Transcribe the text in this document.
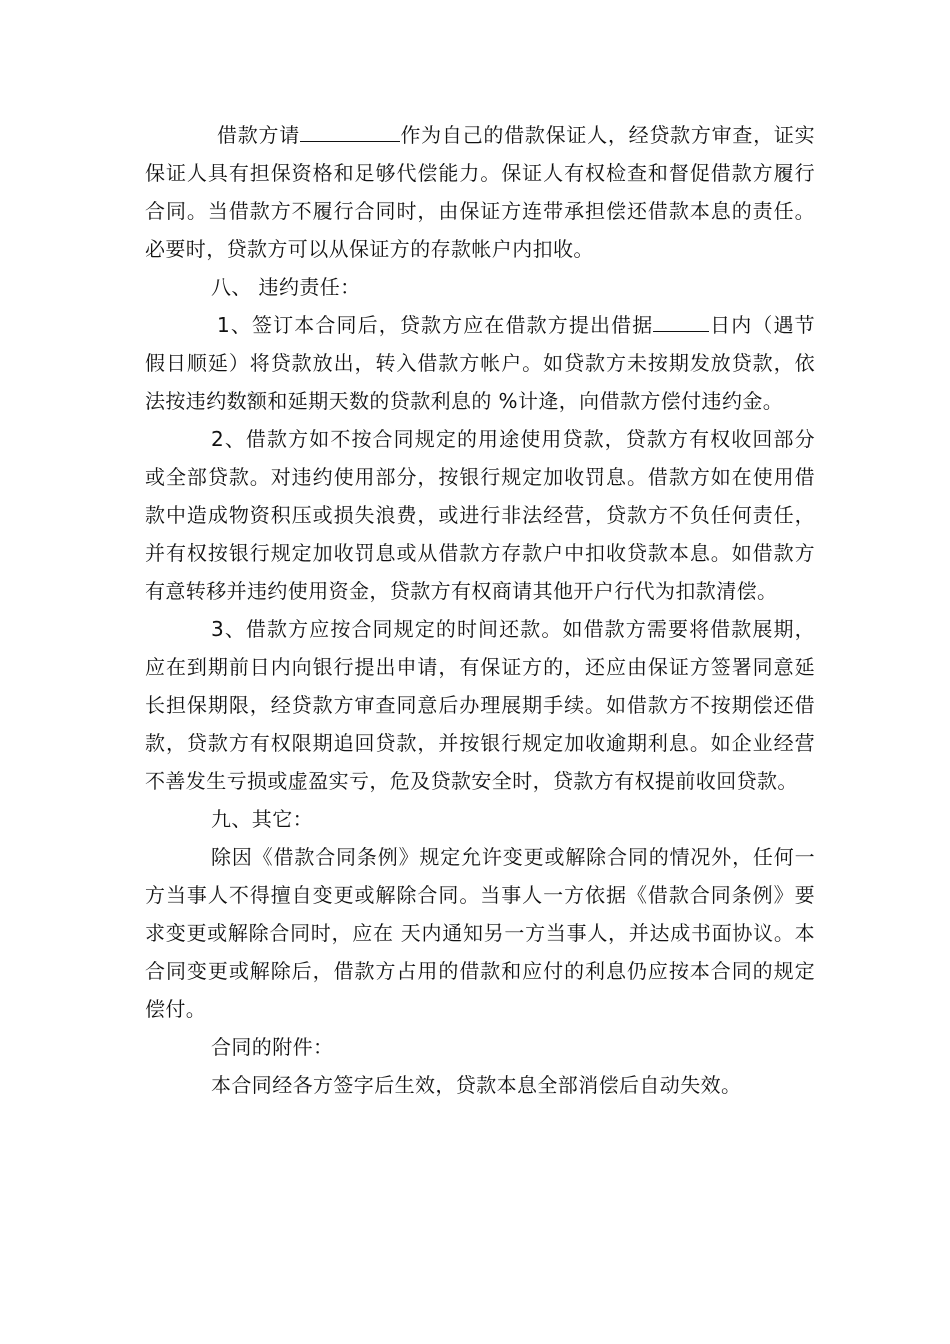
借款方请	作为自己的借款保证人，经贷款方审查，证实保证人具有担保资格和足够代偿能力。保证人有权检查和督促借款方履行合同。当借款方不履行合同时，由保证方连带承担偿还借款本息的责任。必要时，贷款方可以从保证方的存款帐户内扣收。

八、 违约责任：

1、签订本合同后，贷款方应在借款方提出借据	日内（遇节假日顺延）将贷款放出，转入借款方帐户。如贷款方未按期发放贷款，依法按违约数额和延期天数的贷款利息的 %计逄，向借款方偿付违约金。

2、借款方如不按合同规定的用途使用贷款，贷款方有权收回部分或全部贷款。对违约使用部分，按银行规定加收罚息。借款方如在使用借款中造成物资积压或损失浪费，或进行非法经营，贷款方不负任何责任，并有权按银行规定加收罚息或从借款方存款户中扣收贷款本息。如借款方有意转移并违约使用资金，贷款方有权商请其他开户行代为扣款清偿。

3、借款方应按合同规定的时间还款。如借款方需要将借款展期，应在到期前日内向银行提出申请，有保证方的，还应由保证方签署同意延长担保期限，经贷款方审查同意后办理展期手续。如借款方不按期偿还借款，贷款方有权限期追回贷款，并按银行规定加收逾期利息。如企业经营不善发生亏损或虚盈实亏，危及贷款安全时，贷款方有权提前收回贷款。

九、其它：

除因《借款合同条例》规定允许变更或解除合同的情况外，任何一方当事人不得擅自变更或解除合同。当事人一方依据《借款合同条例》要求变更或解除合同时，应在 天内通知另一方当事人，并达成书面协议。本合同变更或解除后，借款方占用的借款和应付的利息仍应按本合同的规定偿付。

合同的附件：

本合同经各方签字后生效，贷款本息全部消偿后自动失效。
